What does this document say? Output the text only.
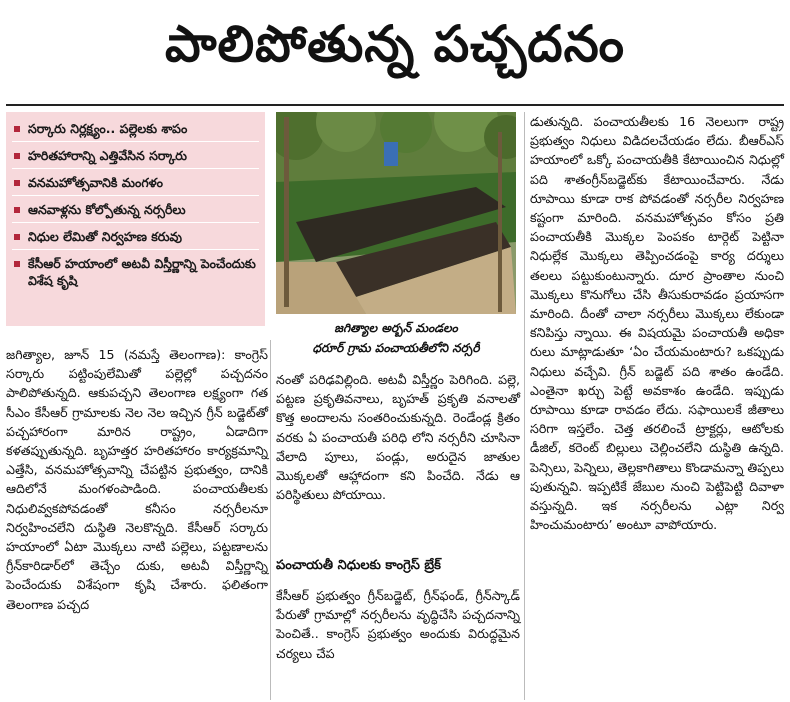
పాలిపోతున్న పచ్చదనం
సర్కారు నిర్లక్ష్యం.. పల్లెలకు శాపం
హరితహారాన్ని ఎత్తివేసిన సర్కారు
వనమహోత్సవానికి మంగళం
ఆనవాళ్లను కోల్పోతున్న నర్సరీలు
నిధుల లేమితో నిర్వహణ కరువు
కేసీఆర్ హయాంలో అటవీ విస్తీర్ణాన్ని పెంచేందుకు విశేష కృషి
జగిత్యాల అర్బన్ మండలం
ధరూర్ గ్రామ పంచాయతీలోని నర్సరీ

జగిత్యాల, జూన్ 15 (నమస్తే తెలంగాణ): కాంగ్రెస్ సర్కారు పట్టింపులేమితో పల్లెల్లో పచ్చదనం పాలిపోతున్నది. ఆకుపచ్చని తెలంగాణ లక్ష్యంగా గత సీఎం కేసీఆర్ గ్రామాలకు నెల నెల ఇచ్చిన గ్రీన్ బడ్జెట్‌తో పచ్చహారంగా మారిన రాష్ట్రం, ఏడాదిగా కళతప్పుతున్నది. బృహత్తర హరితహారం కార్యక్రమాన్ని ఎత్తేసి, వనమహోత్సవాన్ని చేపట్టిన ప్రభుత్వం, దానికి ఆదిలోనే మంగళంపాడింది. పంచాయతీలకు నిధులివ్వకపోవడంతో కనీసం నర్సరీలనూ నిర్వహించలేని దుస్థితి నెలకొన్నది. కేసీఆర్ సర్కారు హయాంలో ఏటా మొక్కలు నాటి పల్లెలు, పట్టణాలను గ్రీన్‌కారిడార్‌లో తెచ్చేం దుకు, అటవీ విస్తీర్ణాన్ని పెంచేందుకు విశేషంగా కృషి చేశారు. ఫలితంగా తెలంగాణ పచ్చద

నంతో పరిఢవిల్లింది. అటవీ విస్తీర్ణం పెరిగింది. పల్లె, పట్టణ ప్రకృతివనాలు, బృహత్ ప్రకృతి వనాలతో కొత్త అందాలను సంతరించుకున్నది. రెండేండ్ల క్రితం వరకు ఏ పంచాయతీ పరిధి లోని నర్సరీని చూసినా వేలాది పూలు, పండ్లు, అరుదైన జాతుల మొక్కలతో ఆహ్లాదంగా కని పించేది. నేడు ఆ పరిస్థితులు పోయాయి.

పంచాయతీ నిధులకు కాంగ్రెస్ బ్రేక్

కేసీఆర్ ప్రభుత్వం గ్రీన్‌బడ్జెట్, గ్రీన్‌ఫండ్, గ్రీన్‌స్కాడ్ పేరుతో గ్రామాల్లో నర్సరీలను వృద్ధిచేసి పచ్చదనాన్ని పెంచితే.. కాంగ్రెస్ ప్రభుత్వం అందుకు విరుద్ధమైన చర్యలు చేప

డుతున్నది. పంచాయతీలకు 16 నెలలుగా రాష్ట్ర ప్రభుత్వం నిధులు విడిదలచేయడం లేదు. బీఆర్ఎస్ హయాంలో ఒక్కో పంచాయతీకి కేటాయించిన నిధుల్లో పది శాతంగ్రీన్‌బడ్జెట్‌కు కేటాయించేవారు. నేడు రూపాయి కూడా రాక పోవడంతో నర్సరీల నిర్వహణ కష్టంగా మారింది. వనమహోత్సవం కోసం ప్రతి పంచాయతీకి మొక్కల పెంపకం టార్గెట్ పెట్టినా నిధుల్లేక మొక్కలు తెప్పించడంపై కార్య దర్శులు తలలు పట్టుకుంటున్నారు. దూర ప్రాంతాల నుంచి మొక్కలు కొనుగోలు చేసి తీసుకురావడం ప్రయాసగా మారింది. దీంతో చాలా నర్సరీలు మొక్కలు లేకుండా కనిపిస్తు న్నాయి. ఈ విషయమై పంచాయతీ అధికా రులు మాట్లాడుతూ ‘ఏం చేయమంటారు? ఒకప్పుడు నిధులు వచ్చేవి. గ్రీన్ బడ్జెట్ పది శాతం ఉండేది. ఎంతైనా ఖర్చు పెట్టే అవకాశం ఉండేది. ఇప్పుడు రూపాయి కూడా రావడం లేదు. సఫాయిలకే జీతాలు సరిగా ఇస్తలేం. చెత్త తరలించే ట్రాక్టర్లు, ఆటోలకు డీజిల్, కరెంట్ బిల్లులు చెల్లించలేని దుస్థితి ఉన్నది. పెన్సిలు, పెన్నిలు, తెల్లకాగితాలు కొండామన్నా తిప్పలు పుతున్నవి. ఇప్పటికే జేబుల నుంచి పెట్టిపెట్టి దివాళా వస్తున్నది. ఇక నర్సరీలను ఎట్లా నిర్వ హించుమంటారు’ అంటూ వాపోయారు.
